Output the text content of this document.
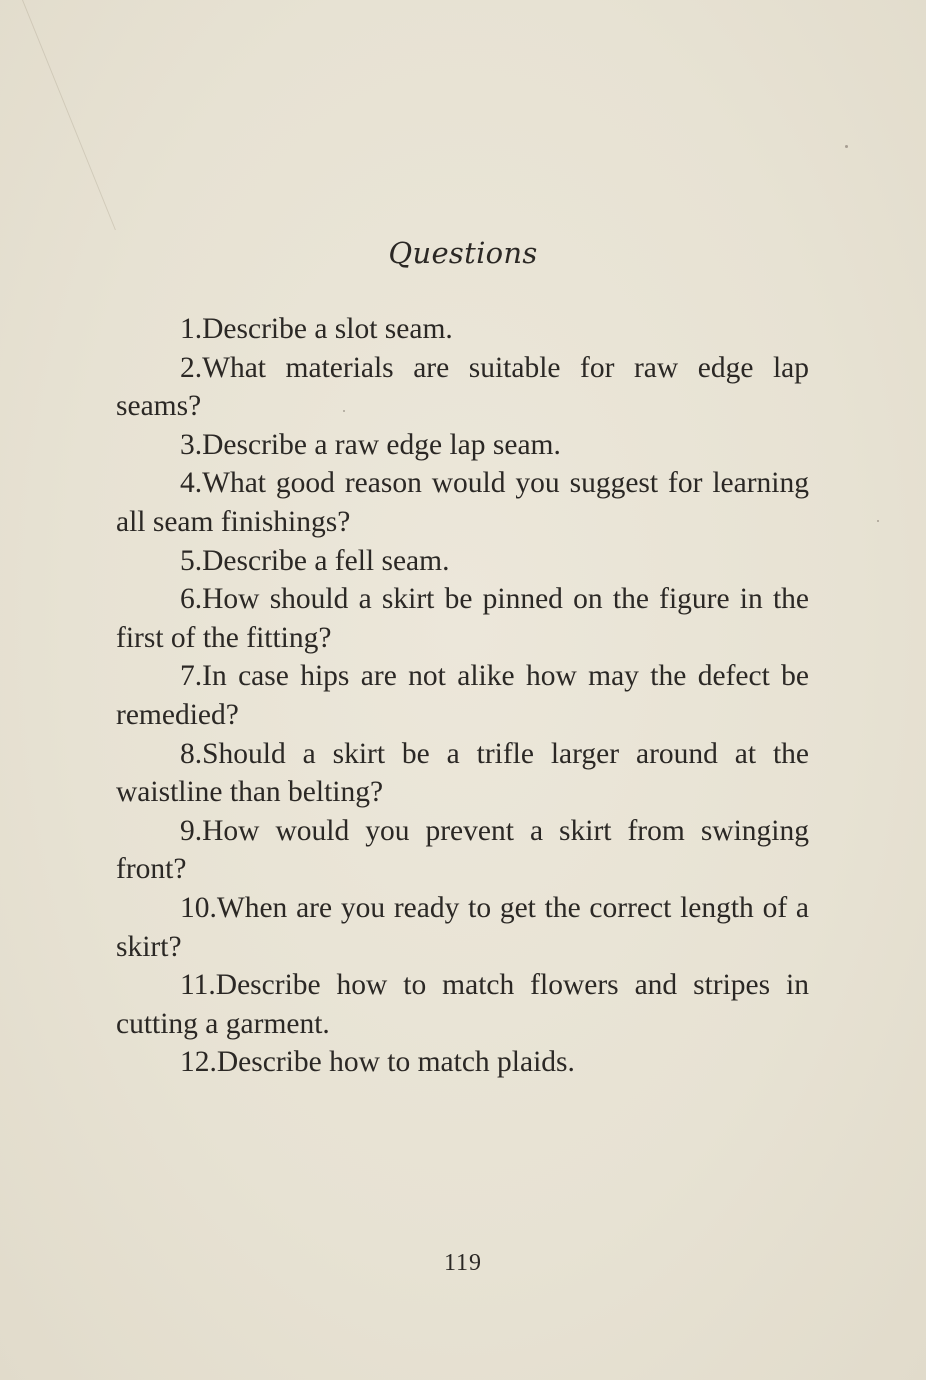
Questions

1.Describe a slot seam.

2.What materials are suitable for raw edge lap seams?

3.Describe a raw edge lap seam.

4.What good reason would you suggest for learning all seam finishings?

5.Describe a fell seam.

6.How should a skirt be pinned on the figure in the first of the fitting?

7.In case hips are not alike how may the defect be remedied?

8.Should a skirt be a trifle larger around at the waistline than belting?

9.How would you prevent a skirt from swinging front?

10.When are you ready to get the correct length of a skirt?

11.Describe how to match flowers and stripes in cutting a garment.

12.Describe how to match plaids.

119
